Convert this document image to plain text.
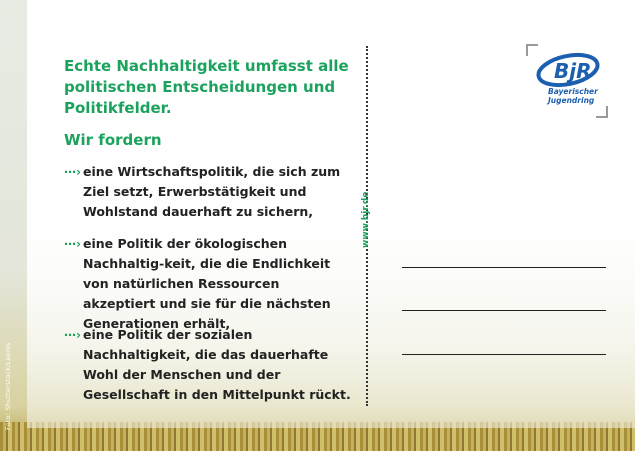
Foto: Shutterstock/Leonis
Echte Nachhaltigkeit umfasst alle politischen Entscheidungen und Politikfelder.
Wir fordern
⋯› eine Wirtschaftspolitik, die sich zum Ziel setzt, Erwerbstätigkeit und Wohlstand dauerhaft zu sichern,
⋯› eine Politik der ökologischen Nachhaltig-keit, die die Endlichkeit von natürlichen Ressourcen akzeptiert und sie für die nächsten Generationen erhält,
⋯› eine Politik der sozialen Nachhaltigkeit, die das dauerhafte Wohl der Menschen und der Gesellschaft in den Mittelpunkt rückt.
www.bjr.de
BjR
Bayerischer
Jugendring
